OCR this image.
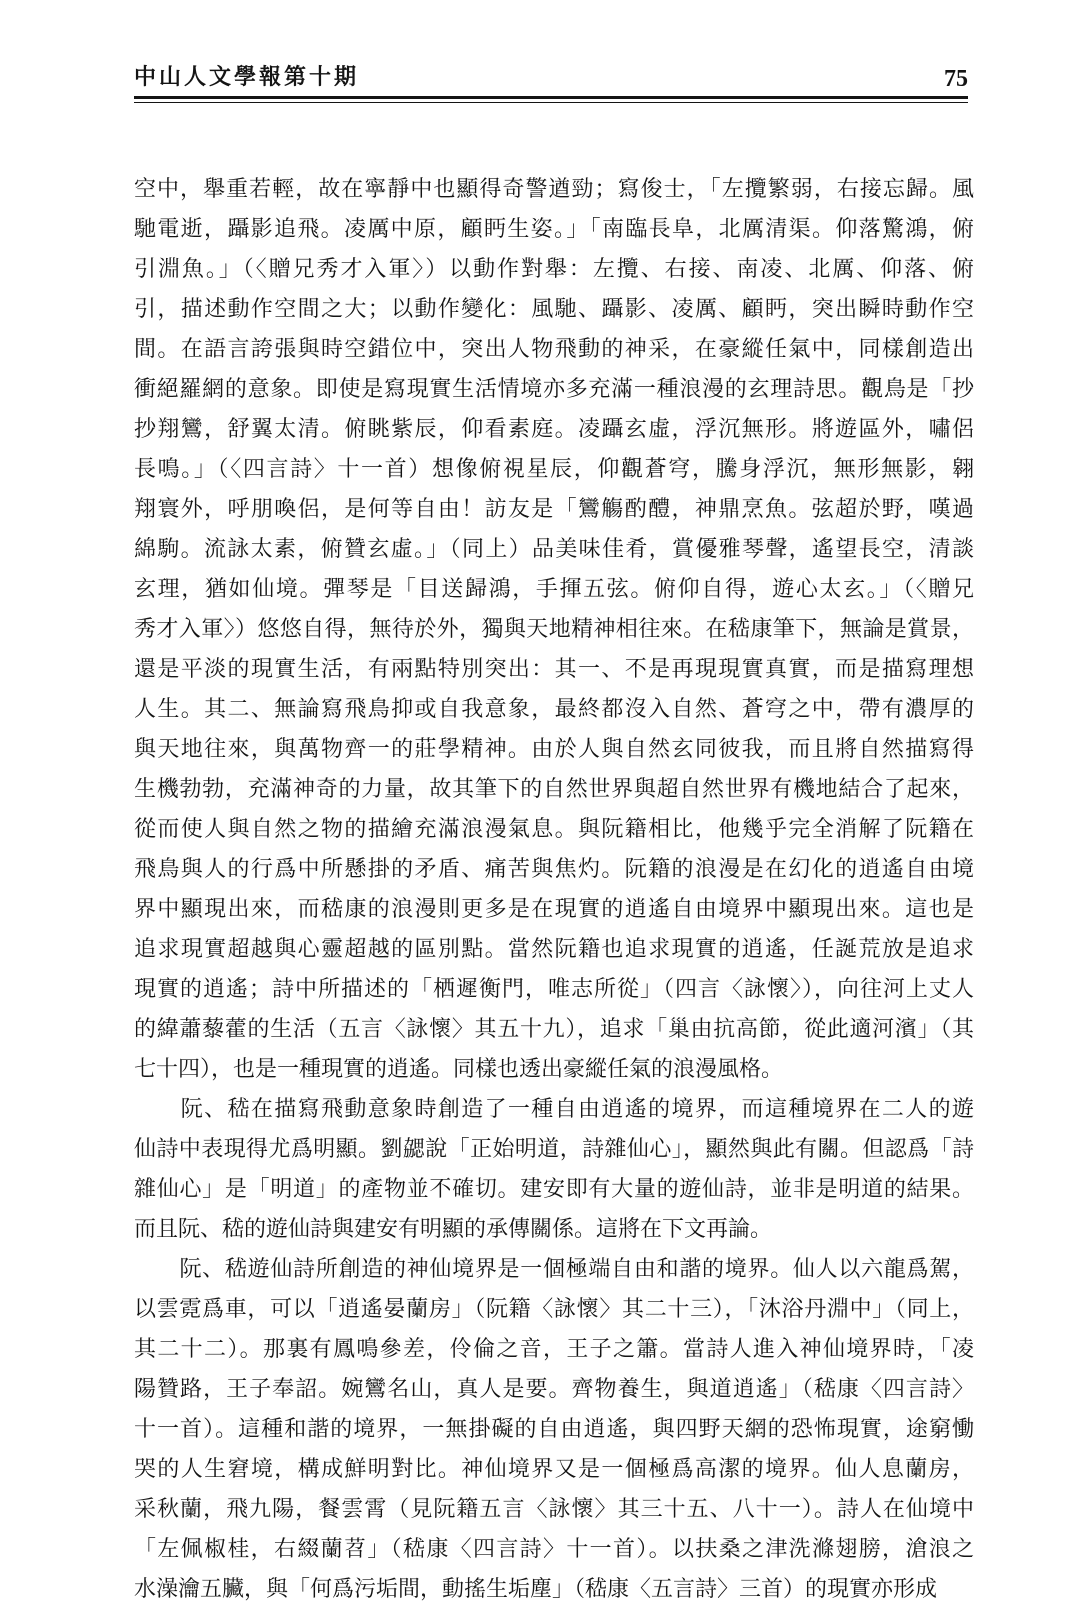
中山人文學報第十期	75
空中，舉重若輕，故在寧靜中也顯得奇警遒勁；寫俊士，「左攬繁弱，右接忘歸。風
馳電逝，躡影追飛。凌厲中原，顧眄生姿。」「南臨長阜，北厲清渠。仰落驚鴻，俯
引淵魚。」（〈贈兄秀才入軍〉）以動作對舉：左攬、右接、南凌、北厲、仰落、俯
引，描述動作空間之大；以動作變化：風馳、躡影、凌厲、顧眄，突出瞬時動作空
間。在語言誇張與時空錯位中，突出人物飛動的神采，在豪縱任氣中，同樣創造出
衝絕羅網的意象。即使是寫現實生活情境亦多充滿一種浪漫的玄理詩思。觀鳥是「抄
抄翔鸞，舒翼太清。俯眺紫辰，仰看素庭。凌躡玄虛，浮沉無形。將遊區外，嘯侶
長鳴。」（〈四言詩〉十一首）想像俯視星辰，仰觀蒼穹，騰身浮沉，無形無影，翱
翔寰外，呼朋喚侶，是何等自由！訪友是「鸞觴酌醴，神鼎烹魚。弦超於野，嘆過
綿駒。流詠太素，俯贊玄虛。」（同上）品美味佳肴，賞優雅琴聲，遙望長空，清談
玄理，猶如仙境。彈琴是「目送歸鴻，手揮五弦。俯仰自得，遊心太玄。」（〈贈兄
秀才入軍〉）悠悠自得，無待於外，獨與天地精神相往來。在嵇康筆下，無論是賞景，
還是平淡的現實生活，有兩點特別突出：其一、不是再現現實真實，而是描寫理想
人生。其二、無論寫飛鳥抑或自我意象，最終都沒入自然、蒼穹之中，帶有濃厚的
與天地往來，與萬物齊一的莊學精神。由於人與自然玄同彼我，而且將自然描寫得
生機勃勃，充滿神奇的力量，故其筆下的自然世界與超自然世界有機地結合了起來，
從而使人與自然之物的描繪充滿浪漫氣息。與阮籍相比，他幾乎完全消解了阮籍在
飛鳥與人的行爲中所懸掛的矛盾、痛苦與焦灼。阮籍的浪漫是在幻化的逍遙自由境
界中顯現出來，而嵇康的浪漫則更多是在現實的逍遙自由境界中顯現出來。這也是
追求現實超越與心靈超越的區別點。當然阮籍也追求現實的逍遙，任誕荒放是追求
現實的逍遙；詩中所描述的「栖遲衡門，唯志所從」（四言〈詠懷〉），向往河上丈人
的緯蕭藜藿的生活（五言〈詠懷〉其五十九），追求「巢由抗高節，從此適河濱」（其
七十四），也是一種現實的逍遙。同樣也透出豪縱任氣的浪漫風格。
　　阮、嵇在描寫飛動意象時創造了一種自由逍遙的境界，而這種境界在二人的遊
仙詩中表現得尤爲明顯。劉勰說「正始明道，詩雜仙心」，顯然與此有關。但認爲「詩
雜仙心」是「明道」的產物並不確切。建安即有大量的遊仙詩，並非是明道的結果。
而且阮、嵇的遊仙詩與建安有明顯的承傳關係。這將在下文再論。
　　阮、嵇遊仙詩所創造的神仙境界是一個極端自由和諧的境界。仙人以六龍爲駕，
以雲霓爲車，可以「逍遙晏蘭房」（阮籍〈詠懷〉其二十三），「沐浴丹淵中」（同上，
其二十二）。那裏有鳳鳴參差，伶倫之音，王子之簫。當詩人進入神仙境界時，「凌
陽贊路，王子奉詔。婉鸞名山，真人是要。齊物養生，與道逍遙」（嵇康〈四言詩〉
十一首）。這種和諧的境界，一無掛礙的自由逍遙，與四野天網的恐怖現實，途窮慟
哭的人生窘境，構成鮮明對比。神仙境界又是一個極爲高潔的境界。仙人息蘭房，
采秋蘭，飛九陽，餐雲霄（見阮籍五言〈詠懷〉其三十五、八十一）。詩人在仙境中
「左佩椒桂，右綴蘭苕」（嵇康〈四言詩〉十一首）。以扶桑之津洗滌翅膀，滄浪之
水澡瀹五臟，與「何爲污垢間，動搖生垢塵」（嵇康〈五言詩〉三首）的現實亦形成
